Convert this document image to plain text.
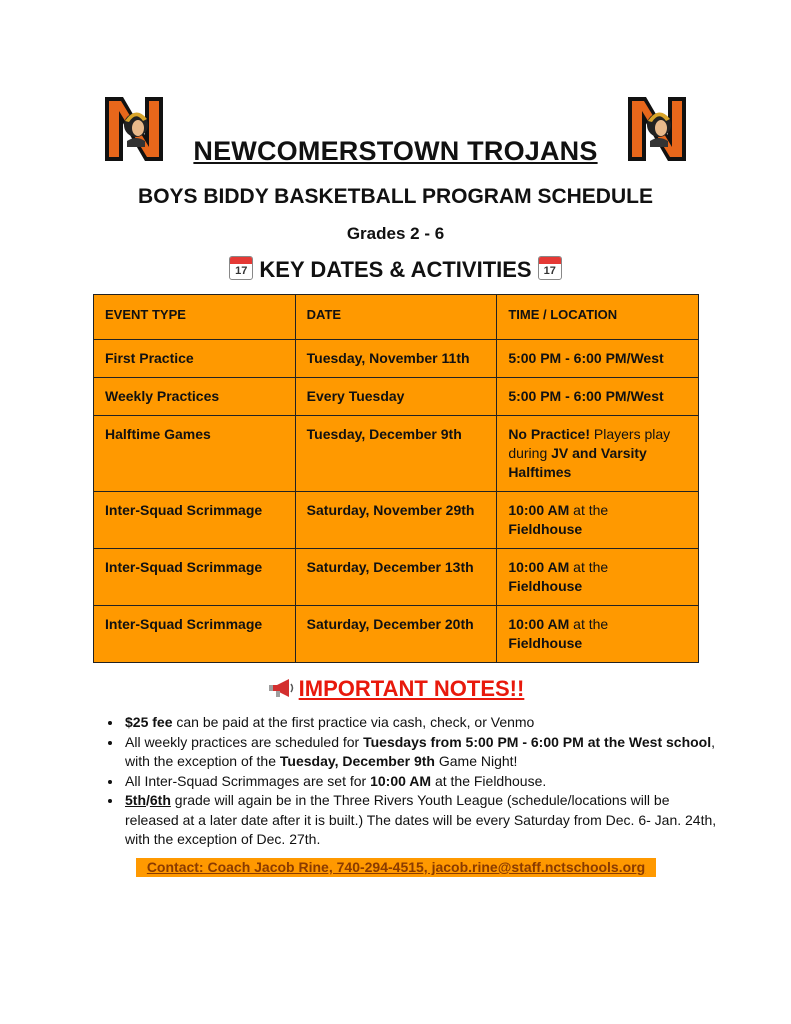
NEWCOMERSTOWN TROJANS
BOYS BIDDY BASKETBALL PROGRAM SCHEDULE
Grades 2 - 6
17 KEY DATES & ACTIVITIES	17
EVENT TYPE	DATE	TIME / LOCATION
First Practice	Tuesday, November 11th	5:00 PM - 6:00 PM/West
Weekly Practices	Every Tuesday	5:00 PM - 6:00 PM/West
Halftime Games	Tuesday, December 9th	No Practice! Players play during JV and Varsity Halftimes
Inter-Squad Scrimmage	Saturday, November 29th	10:00 AM at the
Fieldhouse
Inter-Squad Scrimmage	Saturday, December 13th	10:00 AM at the
Fieldhouse
Inter-Squad Scrimmage	Saturday, December 20th	10:00 AM at the
Fieldhouse
IMPORTANT NOTES!!
• $25 fee can be paid at the first practice via cash, check, or Venmo
• All weekly practices are scheduled for Tuesdays from 5:00 PM - 6:00 PM at the West school, with the exception of the Tuesday, December 9th Game Night!
• All Inter-Squad Scrimmages are set for 10:00 AM at the Fieldhouse.
• 5th/6th grade will again be in the Three Rivers Youth League (schedule/locations will be released at a later date after it is built.) The dates will be every Saturday from Dec. 6- Jan. 24th, with the exception of Dec. 27th.
Contact: Coach Jacob Rine, 740-294-4515, jacob.rine@staff.nctschools.org
